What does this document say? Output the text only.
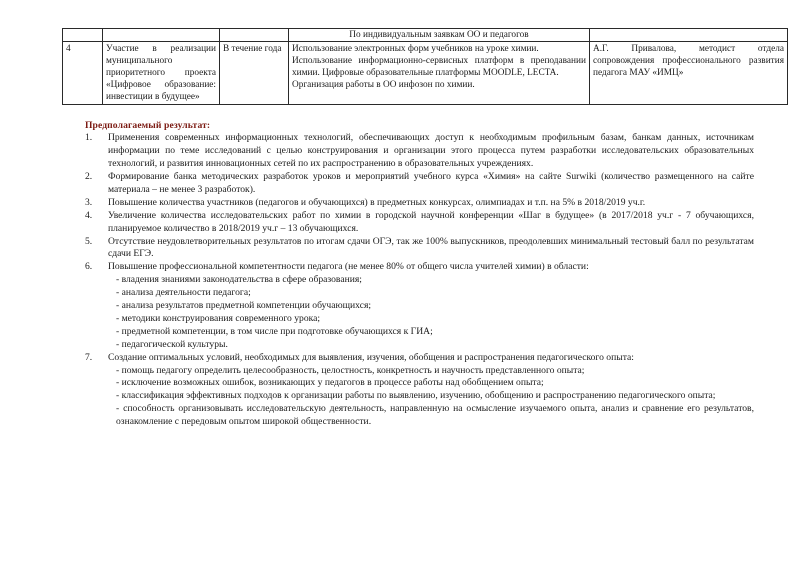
			По индивидуальным заявкам ОО и педагогов	
4	Участие в реализации муниципального приоритетного проекта «Цифровое образование: инвестиции в будущее»	В течение года	Использование электронных форм учебников на уроке химии.
Использование информационно-сервисных платформ в преподавании химии. Цифровые образовательные платформы MOODLE, LECTA.
Организация работы в ОО инфозон по химии.	А.Г. Привалова, методист отдела сопровождения профессионального развития педагога МАУ «ИМЦ»
Предполагаемый результат:
1.	Применения современных информационных технологий, обеспечивающих доступ к необходимым профильным базам, банкам данных, источникам информации по теме исследований с целью конструирования и организации этого процесса путем разработки исследовательских образовательных технологий, и развития инновационных сетей по их распространению в образовательных учреждениях.
2.	Формирование банка методических разработок уроков и мероприятий учебного курса «Химия» на сайте Surwiki (количество размещенного на сайте материала – не менее 3 разработок).
3.	Повышение количества участников (педагогов и обучающихся) в предметных конкурсах, олимпиадах и т.п. на 5% в 2018/2019 уч.г.
4.	Увеличение количества исследовательских работ по химии в городской научной конференции «Шаг в будущее» (в 2017/2018 уч.г - 7 обучающихся, планируемое количество в 2018/2019 уч.г – 13 обучающихся.
5.	Отсутствие неудовлетворительных результатов по итогам сдачи ОГЭ, так же 100% выпускников, преодолевших минимальный тестовый балл по результатам сдачи ЕГЭ.
6.	Повышение профессиональной компетентности педагога (не менее 80% от общего числа учителей химии) в области:
- владения знаниями законодательства в сфере образования;
- анализа деятельности педагога;
- анализа результатов предметной компетенции обучающихся;
- методики конструирования современного урока;
- предметной компетенции, в том числе при подготовке обучающихся к ГИА;
- педагогической культуры.
7.	Создание оптимальных условий, необходимых для выявления, изучения, обобщения и распространения педагогического опыта:
- помощь педагогу определить целесообразность, целостность, конкретность и научность представленного опыта;
- исключение возможных ошибок, возникающих у педагогов в процессе работы над обобщением опыта;
- классификация эффективных подходов к организации работы по выявлению, изучению, обобщению и распространению педагогического опыта;
- способность организовывать исследовательскую деятельность, направленную на осмысление изучаемого опыта, анализ и сравнение его результатов, ознакомление с передовым опытом широкой общественности.
